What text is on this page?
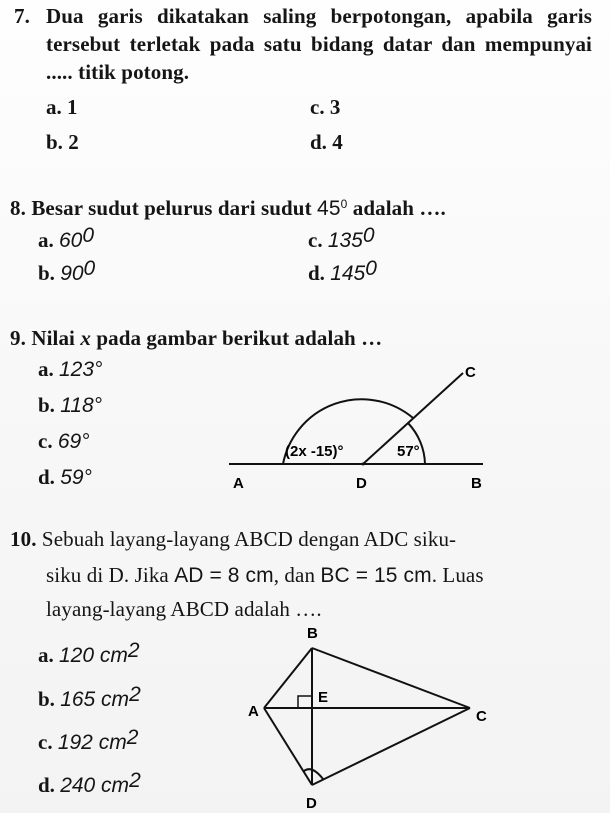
7. Dua garis dikatakan saling berpotongan, apabila garis tersebut terletak pada satu bidang datar dan mempunyai ..... titik potong.
a. 1	c. 3
b. 2	d. 4
8. Besar sudut pelurus dari sudut $45^0$ adalah ….
a. $60^0$	c. $135^0$
b. $90^0$	d. $145^0$
9. Nilai x pada gambar berikut adalah …
a. 123°
b. 118°
c. 69°
d. 59°
C
A	D	B
(2x -15)°	57°
10. Sebuah layang-layang ABCD dengan ADC siku-
siku di D. Jika AD = 8 cm, dan BC = 15 cm. Luas
layang-layang ABCD adalah ….
a. 120 $cm^2$
b. 165 $cm^2$
c. 192 $cm^2$
d. 240 $cm^2$
B
A
E
C
D
